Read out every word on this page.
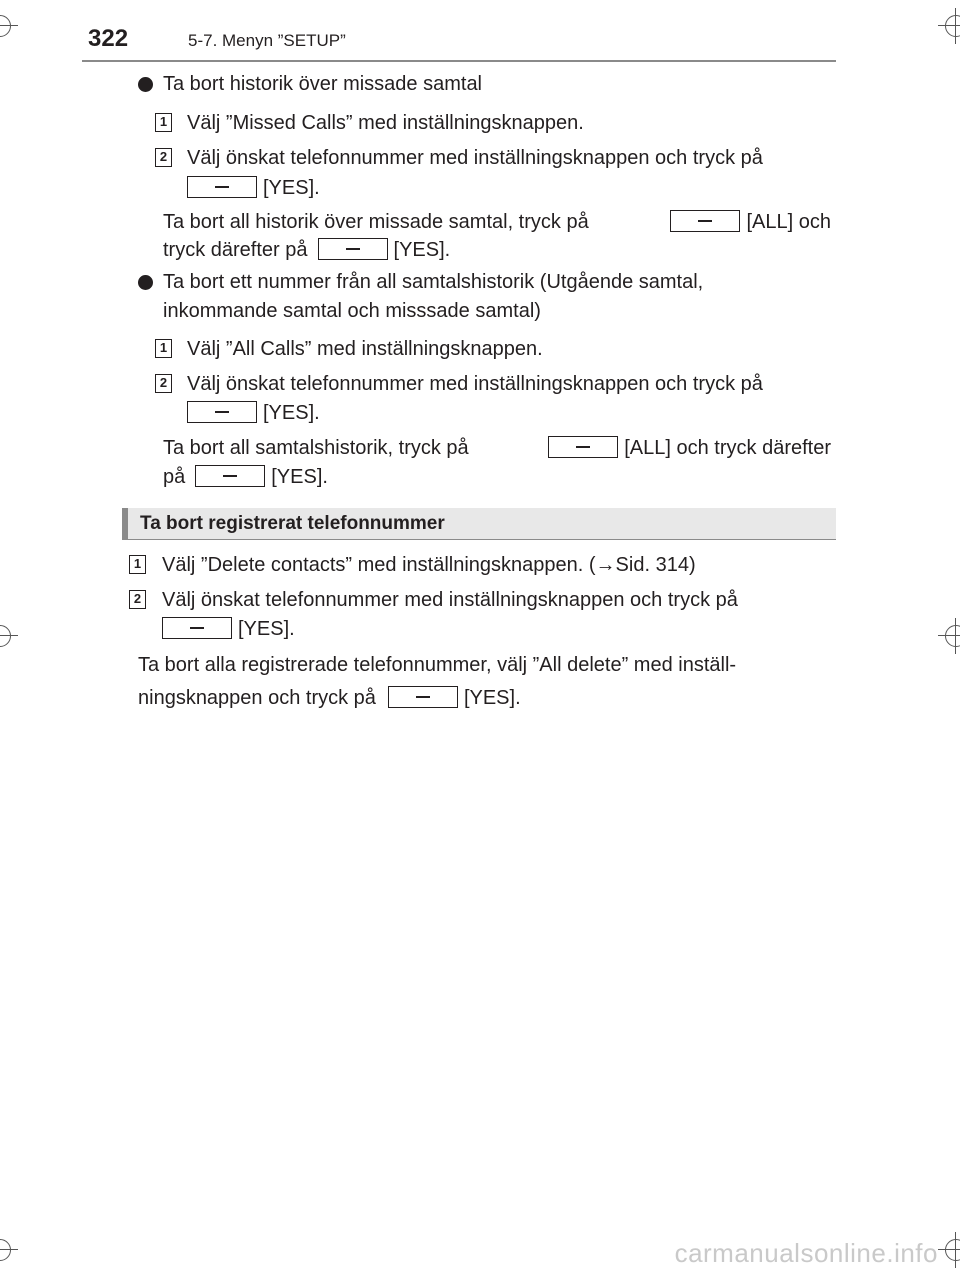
322	5-7. Menyn ”SETUP”
Ta bort historik över missade samtal
1 Välj ”Missed Calls” med inställningsknappen.
2 Välj önskat telefonnummer med inställningsknappen och tryck på
[YES].
Ta bort all historik över missade samtal, tryck på	[ALL] och
tryck därefter på	[YES].
Ta bort ett nummer från all samtalshistorik (Utgående samtal,
inkommande samtal och misssade samtal)
1 Välj ”All Calls” med inställningsknappen.
2 Välj önskat telefonnummer med inställningsknappen och tryck på
[YES].
Ta bort all samtalshistorik, tryck på	[ALL] och tryck därefter
på	[YES].
Ta bort registrerat telefonnummer
1 Välj ”Delete contacts” med inställningsknappen. (→Sid. 314)
2 Välj önskat telefonnummer med inställningsknappen och tryck på
[YES].
Ta bort alla registrerade telefonnummer, välj ”All delete” med inställ-
ningsknappen och tryck på	[YES].
carmanualsonline.info
